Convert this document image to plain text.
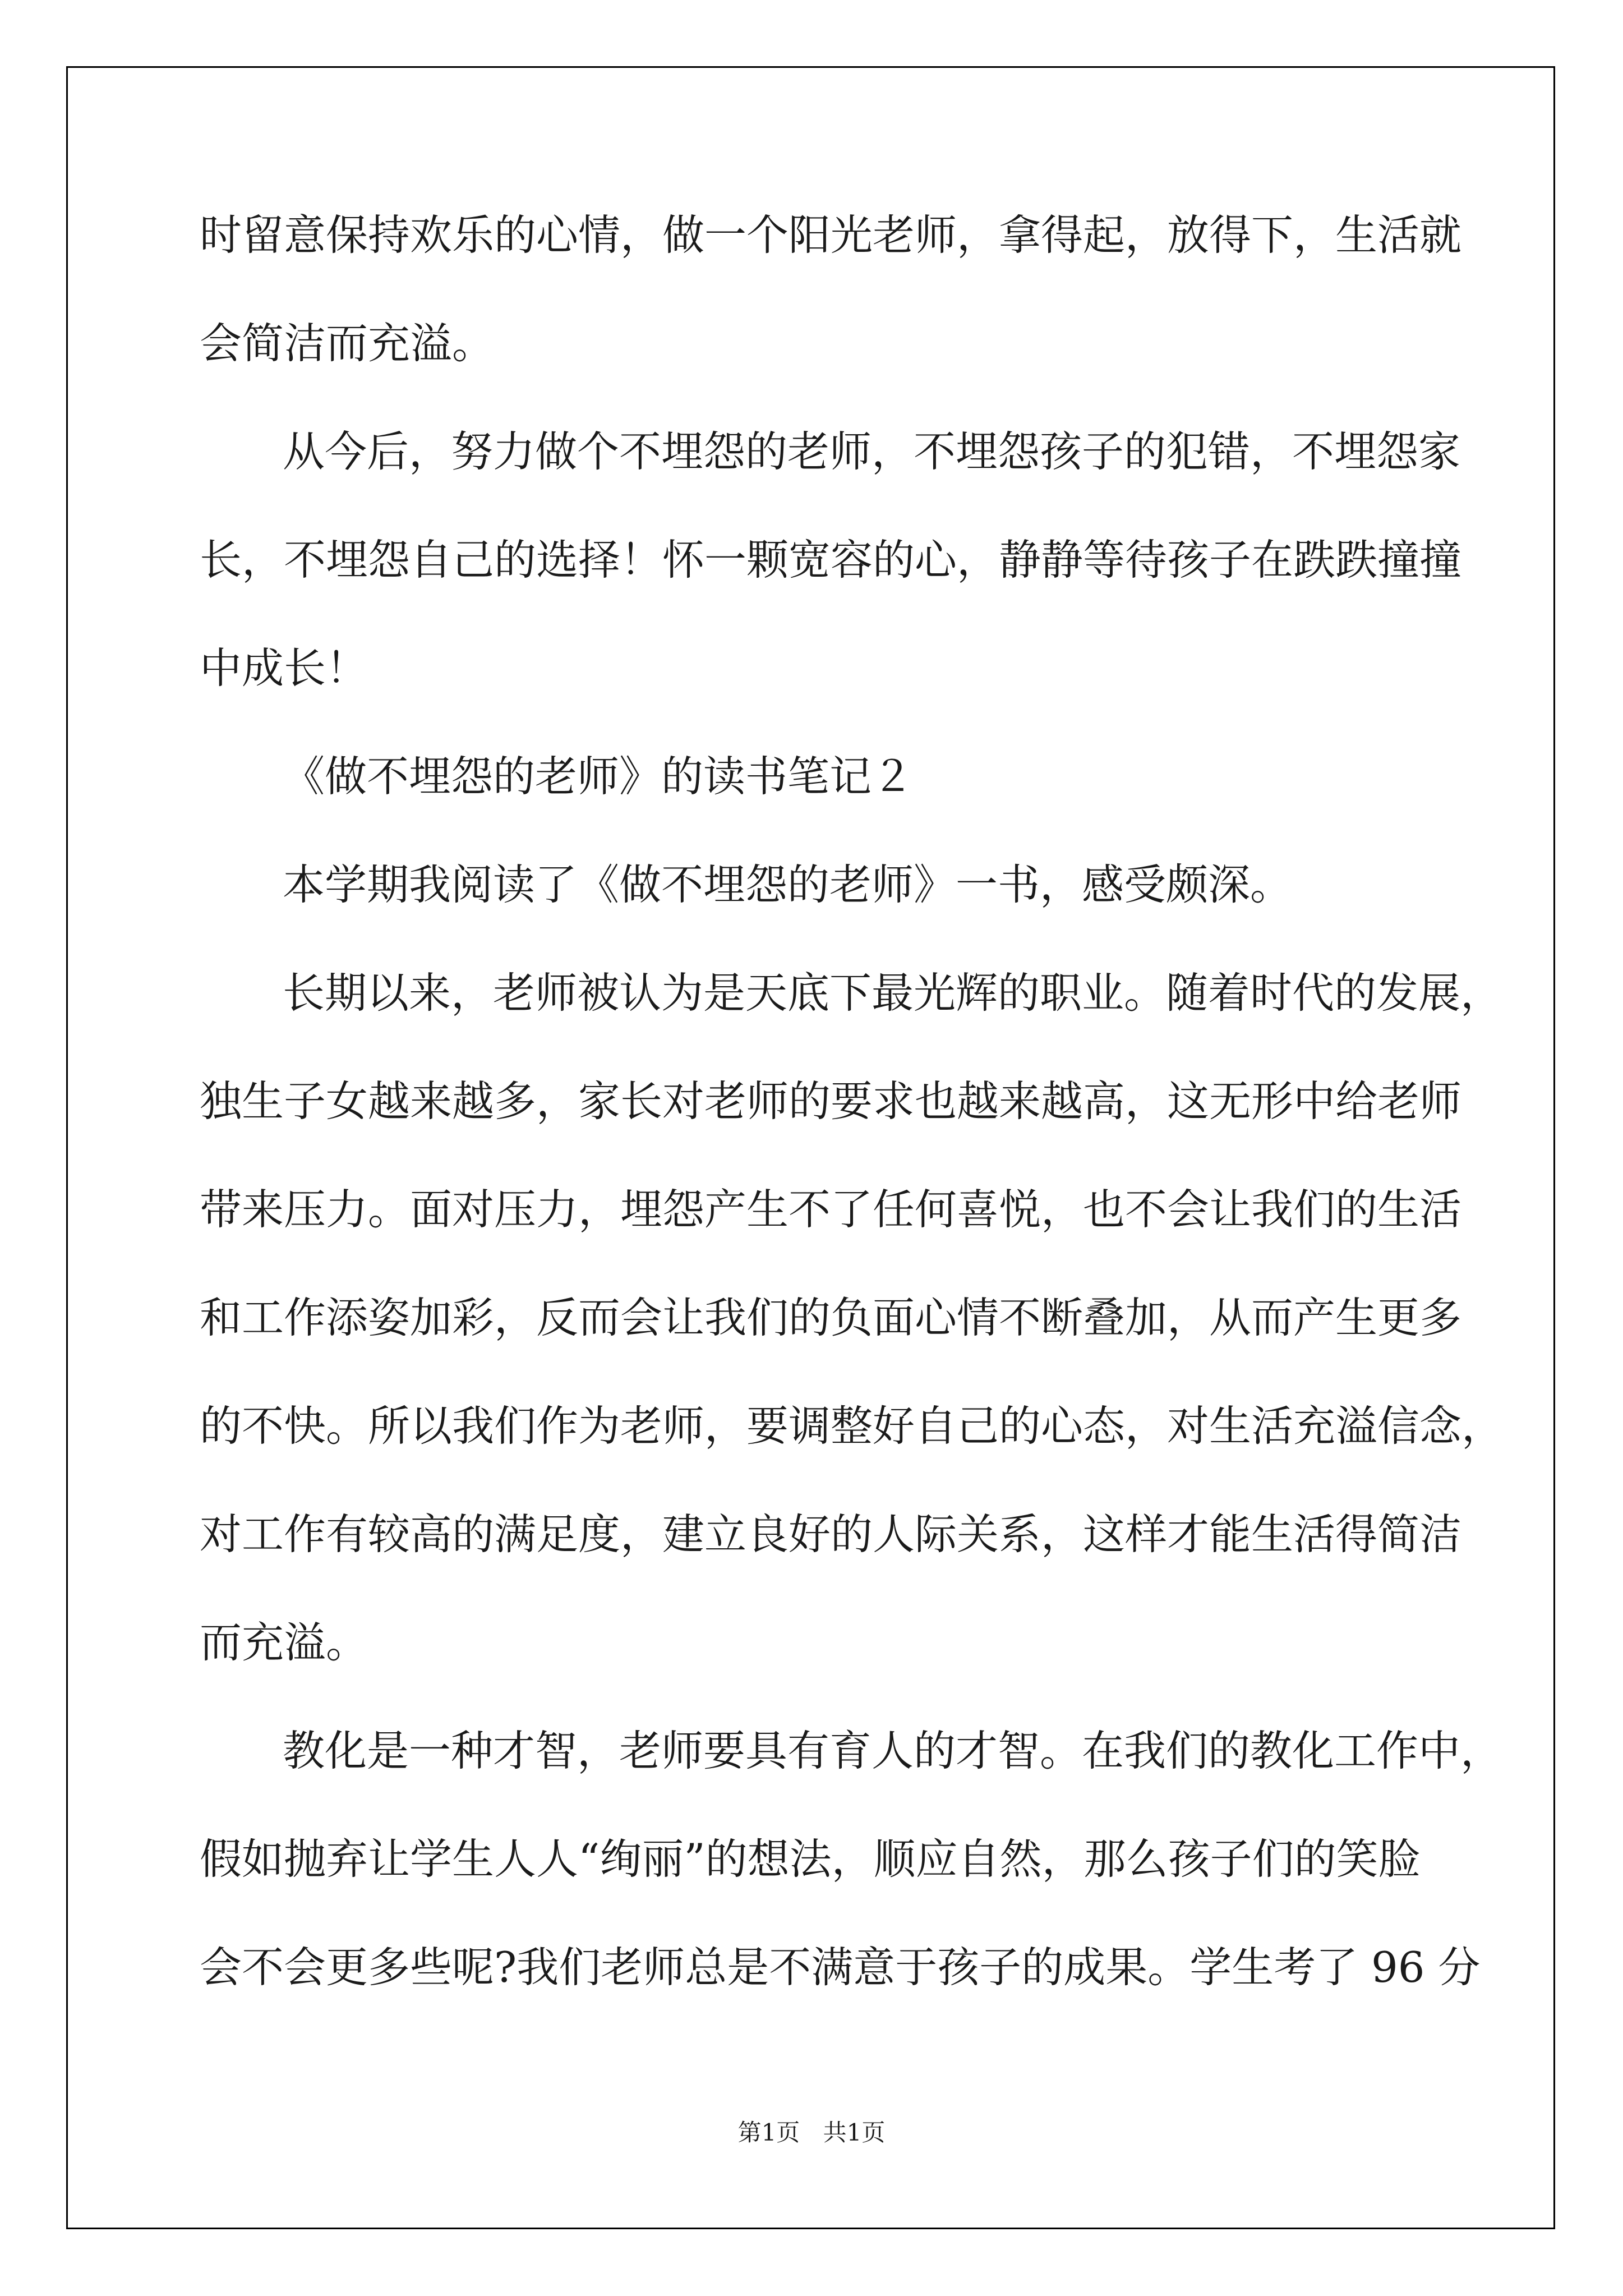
时留意保持欢乐的心情，做一个阳光老师，拿得起，放得下，生活就
会简洁而充溢。
从今后，努力做个不埋怨的老师，不埋怨孩子的犯错，不埋怨家
长，不埋怨自己的选择！怀一颗宽容的心，静静等待孩子在跌跌撞撞
中成长！
《做不埋怨的老师》的读书笔记２
本学期我阅读了《做不埋怨的老师》一书，感受颇深。
长期以来，老师被认为是天底下最光辉的职业。随着时代的发展，
独生子女越来越多，家长对老师的要求也越来越高，这无形中给老师
带来压力。面对压力，埋怨产生不了任何喜悦，也不会让我们的生活
和工作添姿加彩，反而会让我们的负面心情不断叠加，从而产生更多
的不快。所以我们作为老师，要调整好自己的心态，对生活充溢信念，
对工作有较高的满足度，建立良好的人际关系，这样才能生活得简洁
而充溢。
教化是一种才智，老师要具有育人的才智。在我们的教化工作中，
假如抛弃让学生人人“绚丽”的想法，顺应自然，那么孩子们的笑脸
会不会更多些呢?我们老师总是不满意于孩子的成果。学生考了 96 分
第1页 共1页
